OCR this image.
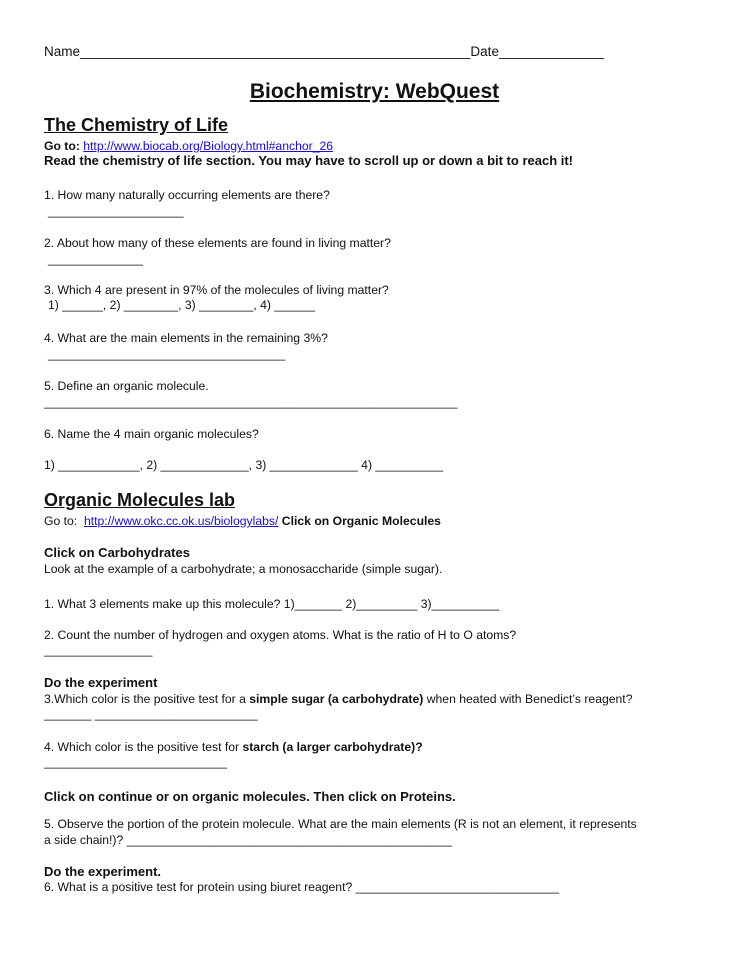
Name____________________________________________________Date______________
Biochemistry: WebQuest
The Chemistry of Life
Go to: http://www.biocab.org/Biology.html#anchor_26
Read the chemistry of life section. You may have to scroll up or down a bit to reach it!
1. How many naturally occurring elements are there?
____________________
2. About how many of these elements are found in living matter?
______________
3. Which 4 are present in 97% of the molecules of living matter?
1) ______, 2) ________, 3) ________, 4) ______
4. What are the main elements in the remaining 3%?
___________________________________
5. Define an organic molecule.
_____________________________________________________________
6. Name the 4 main organic molecules?
1) ____________, 2) _____________, 3) _____________ 4) __________
Organic Molecules lab
Go to: http://www.okc.cc.ok.us/biologylabs/ Click on Organic Molecules
Click on Carbohydrates
Look at the example of a carbohydrate; a monosaccharide (simple sugar).
1. What 3 elements make up this molecule? 1)_______ 2)_________ 3)__________
2. Count the number of hydrogen and oxygen atoms. What is the ratio of H to O atoms?
________________
Do the experiment
3.Which color is the positive test for a simple sugar (a carbohydrate) when heated with Benedict’s reagent?
_______ ________________________
4. Which color is the positive test for starch (a larger carbohydrate)?
___________________________
Click on continue or on organic molecules. Then click on Proteins.
5. Observe the portion of the protein molecule. What are the main elements (R is not an element, it represents
a side chain!)? ________________________________________________
Do the experiment.
6. What is a positive test for protein using biuret reagent? ______________________________
